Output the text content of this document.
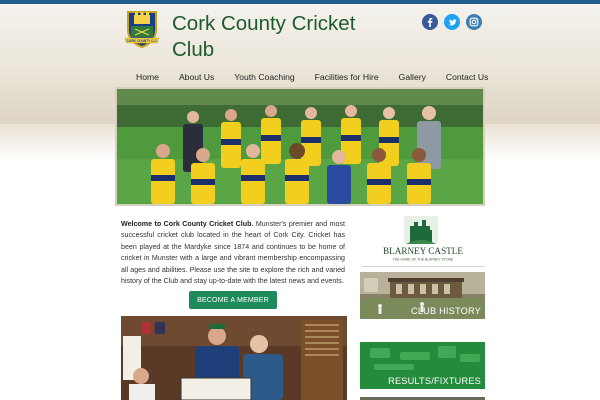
CORK COUNTY C.C.
Cork County Cricket Club
Home About Us Youth Coaching Facilities for Hire Gallery Contact Us

Welcome to Cork County Cricket Club. Munster's premier and most successful cricket club located in the heart of Cork City. Cricket has been played at the Mardyke since 1874 and continues to be home of cricket in Munster with a large and vibrant membership encompassing all ages and abilities. Please use the site to explore the rich and varied history of the Club and stay up-to-date with the latest news and events.

BECOME A MEMBER
BLARNEY CASTLE
THE HOME OF THE BLARNEY STONE
CLUB HISTORY
RESULTS/FIXTURES
